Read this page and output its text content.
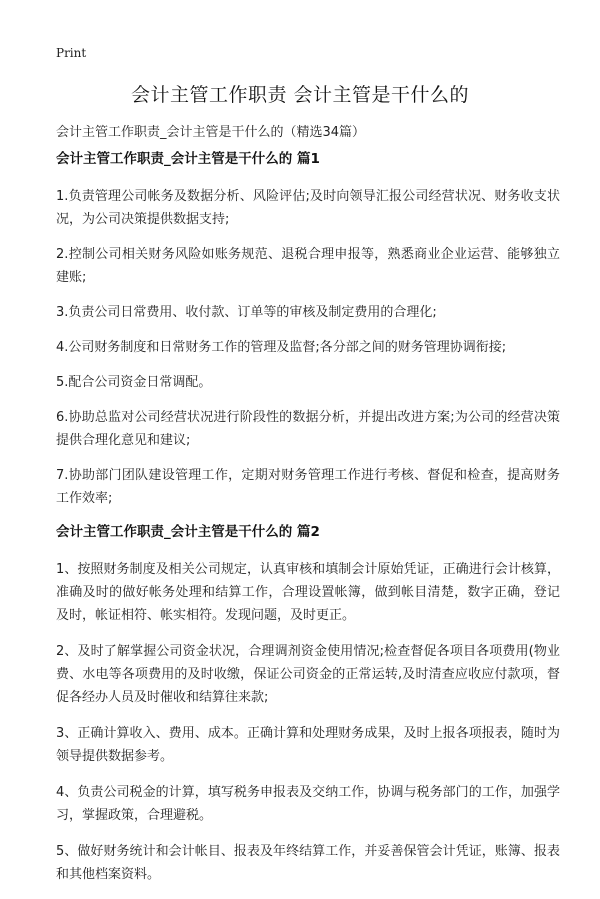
Print
会计主管工作职责 会计主管是干什么的
会计主管工作职责_会计主管是干什么的（精选34篇）
会计主管工作职责_会计主管是干什么的 篇1

1.负责管理公司帐务及数据分析、风险评估;及时向领导汇报公司经营状况、财务收支状况，为公司决策提供数据支持;

2.控制公司相关财务风险如账务规范、退税合理申报等，熟悉商业企业运营、能够独立建账;

3.负责公司日常费用、收付款、订单等的审核及制定费用的合理化;

4.公司财务制度和日常财务工作的管理及监督;各分部之间的财务管理协调衔接;

5.配合公司资金日常调配。

6.协助总监对公司经营状况进行阶段性的数据分析，并提出改进方案;为公司的经营决策提供合理化意见和建议;

7.协助部门团队建设管理工作，定期对财务管理工作进行考核、督促和检查，提高财务工作效率;

会计主管工作职责_会计主管是干什么的 篇2

1、按照财务制度及相关公司规定，认真审核和填制会计原始凭证，正确进行会计核算，准确及时的做好帐务处理和结算工作，合理设置帐簿，做到帐目清楚，数字正确，登记及时，帐证相符、帐实相符。发现问题，及时更正。

2、及时了解掌握公司资金状况，合理调剂资金使用情况;检查督促各项目各项费用(物业费、水电等各项费用的及时收缴，保证公司资金的正常运转,及时清查应收应付款项，督促各经办人员及时催收和结算往来款;

3、正确计算收入、费用、成本。正确计算和处理财务成果，及时上报各项报表，随时为领导提供数据参考。

4、负责公司税金的计算，填写税务申报表及交纳工作，协调与税务部门的工作，加强学习，掌握政策，合理避税。

5、做好财务统计和会计帐目、报表及年终结算工作，并妥善保管会计凭证，账簿、报表和其他档案资料。
